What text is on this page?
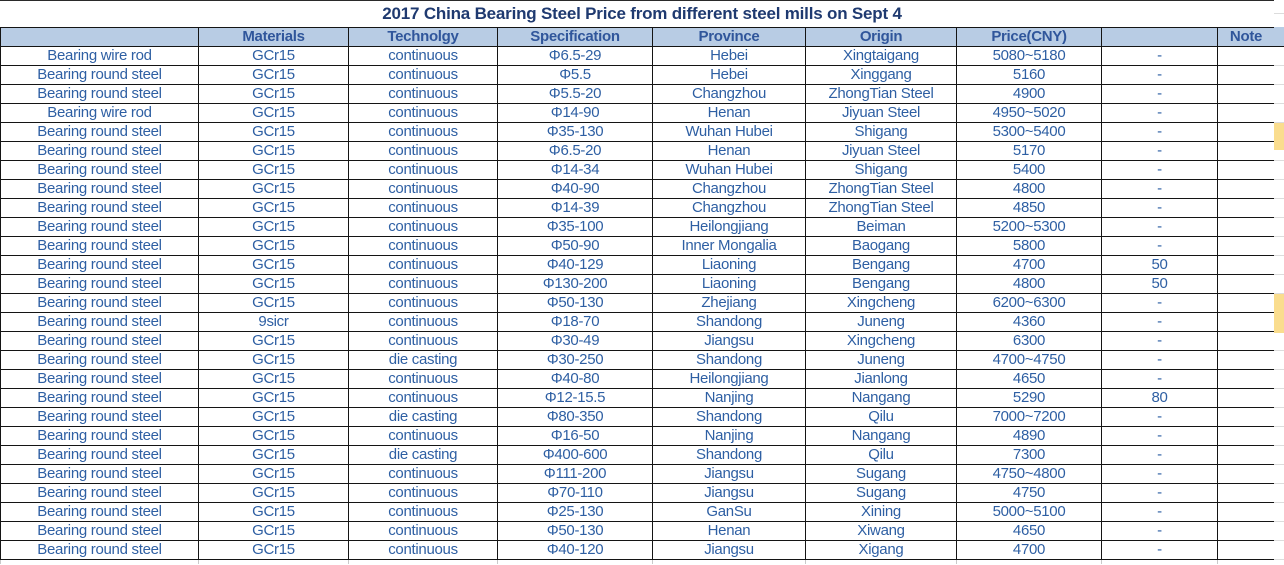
2017 China Bearing Steel Price from different steel mills on Sept 4
	Materials	Technolgy	Specification	Province	Origin	Price(CNY)		Note
Bearing wire rod	GCr15	continuous	Φ6.5-29	Hebei	Xingtaigang	5080~5180	-	
Bearing round steel	GCr15	continuous	Φ5.5	Hebei	Xinggang	5160	-	
Bearing round steel	GCr15	continuous	Φ5.5-20	Changzhou	ZhongTian Steel	4900	-	
Bearing wire rod	GCr15	continuous	Φ14-90	Henan	Jiyuan Steel	4950~5020	-	
Bearing round steel	GCr15	continuous	Φ35-130	Wuhan Hubei	Shigang	5300~5400	-	
Bearing round steel	GCr15	continuous	Φ6.5-20	Henan	Jiyuan Steel	5170	-	
Bearing round steel	GCr15	continuous	Φ14-34	Wuhan Hubei	Shigang	5400	-	
Bearing round steel	GCr15	continuous	Φ40-90	Changzhou	ZhongTian Steel	4800	-	
Bearing round steel	GCr15	continuous	Φ14-39	Changzhou	ZhongTian Steel	4850	-	
Bearing round steel	GCr15	continuous	Φ35-100	Heilongjiang	Beiman	5200~5300	-	
Bearing round steel	GCr15	continuous	Φ50-90	Inner Mongalia	Baogang	5800	-	
Bearing round steel	GCr15	continuous	Φ40-129	Liaoning	Bengang	4700	50	
Bearing round steel	GCr15	continuous	Φ130-200	Liaoning	Bengang	4800	50	
Bearing round steel	GCr15	continuous	Φ50-130	Zhejiang	Xingcheng	6200~6300	-	
Bearing round steel	9sicr	continuous	Φ18-70	Shandong	Juneng	4360	-	
Bearing round steel	GCr15	continuous	Φ30-49	Jiangsu	Xingcheng	6300	-	
Bearing round steel	GCr15	die casting	Φ30-250	Shandong	Juneng	4700~4750	-	
Bearing round steel	GCr15	continuous	Φ40-80	Heilongjiang	Jianlong	4650	-	
Bearing round steel	GCr15	continuous	Φ12-15.5	Nanjing	Nangang	5290	80	
Bearing round steel	GCr15	die casting	Φ80-350	Shandong	Qilu	7000~7200	-	
Bearing round steel	GCr15	continuous	Φ16-50	Nanjing	Nangang	4890	-	
Bearing round steel	GCr15	die casting	Φ400-600	Shandong	Qilu	7300	-	
Bearing round steel	GCr15	continuous	Φ111-200	Jiangsu	Sugang	4750~4800	-	
Bearing round steel	GCr15	continuous	Φ70-110	Jiangsu	Sugang	4750	-	
Bearing round steel	GCr15	continuous	Φ25-130	GanSu	Xining	5000~5100	-	
Bearing round steel	GCr15	continuous	Φ50-130	Henan	Xiwang	4650	-	
Bearing round steel	GCr15	continuous	Φ40-120	Jiangsu	Xigang	4700	-	
